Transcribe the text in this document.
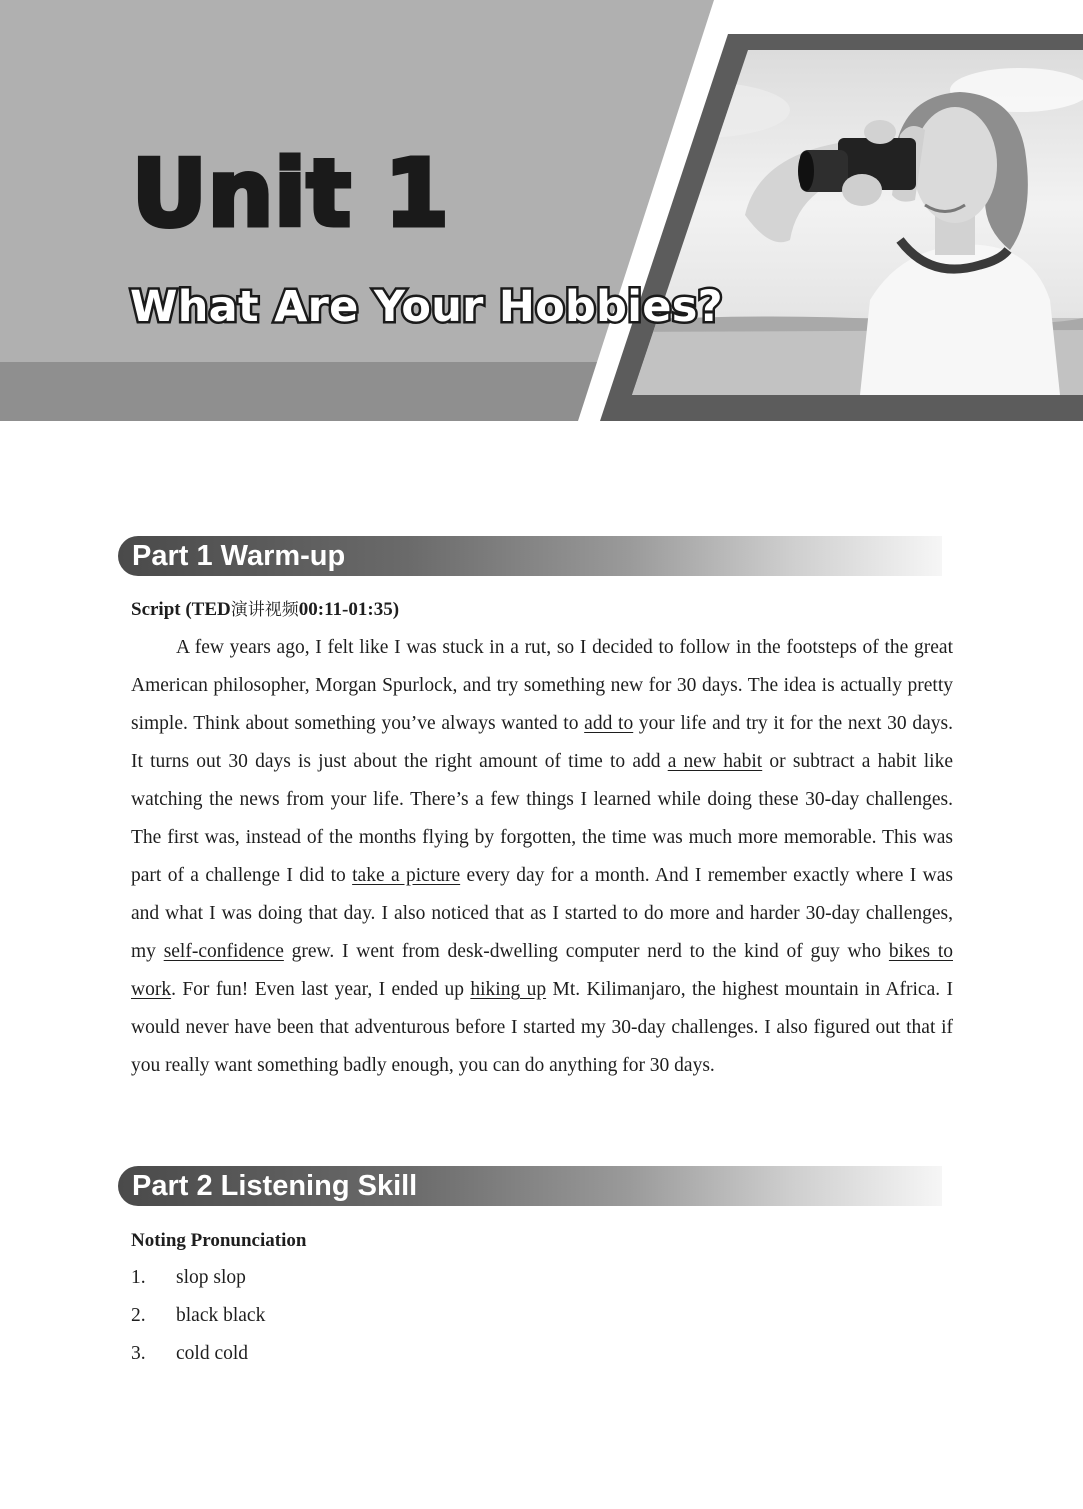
Unit 1
What Are Your Hobbies?
Part 1 Warm-up

Script (TED演讲视频00:11-01:35)

A few years ago, I felt like I was stuck in a rut, so I decided to follow in the footsteps of the great American philosopher, Morgan Spurlock, and try something new for 30 days. The idea is actually pretty simple. Think about something you’ve always wanted to add to your life and try it for the next 30 days. It turns out 30 days is just about the right amount of time to add a new habit or subtract a habit like watching the news from your life. There’s a few things I learned while doing these 30-day challenges. The first was, instead of the months flying by forgotten, the time was much more memorable. This was part of a challenge I did to take a picture every day for a month. And I remember exactly where I was and what I was doing that day. I also noticed that as I started to do more and harder 30-day challenges, my self-confidence grew. I went from desk-dwelling computer nerd to the kind of guy who bikes to work. For fun! Even last year, I ended up hiking up Mt. Kilimanjaro, the highest mountain in Africa. I would never have been that adventurous before I started my 30-day challenges. I also figured out that if you really want something badly enough, you can do anything for 30 days.

Part 2 Listening Skill

Noting Pronunciation

1.	slop slop
2.	black black
3.	cold cold
